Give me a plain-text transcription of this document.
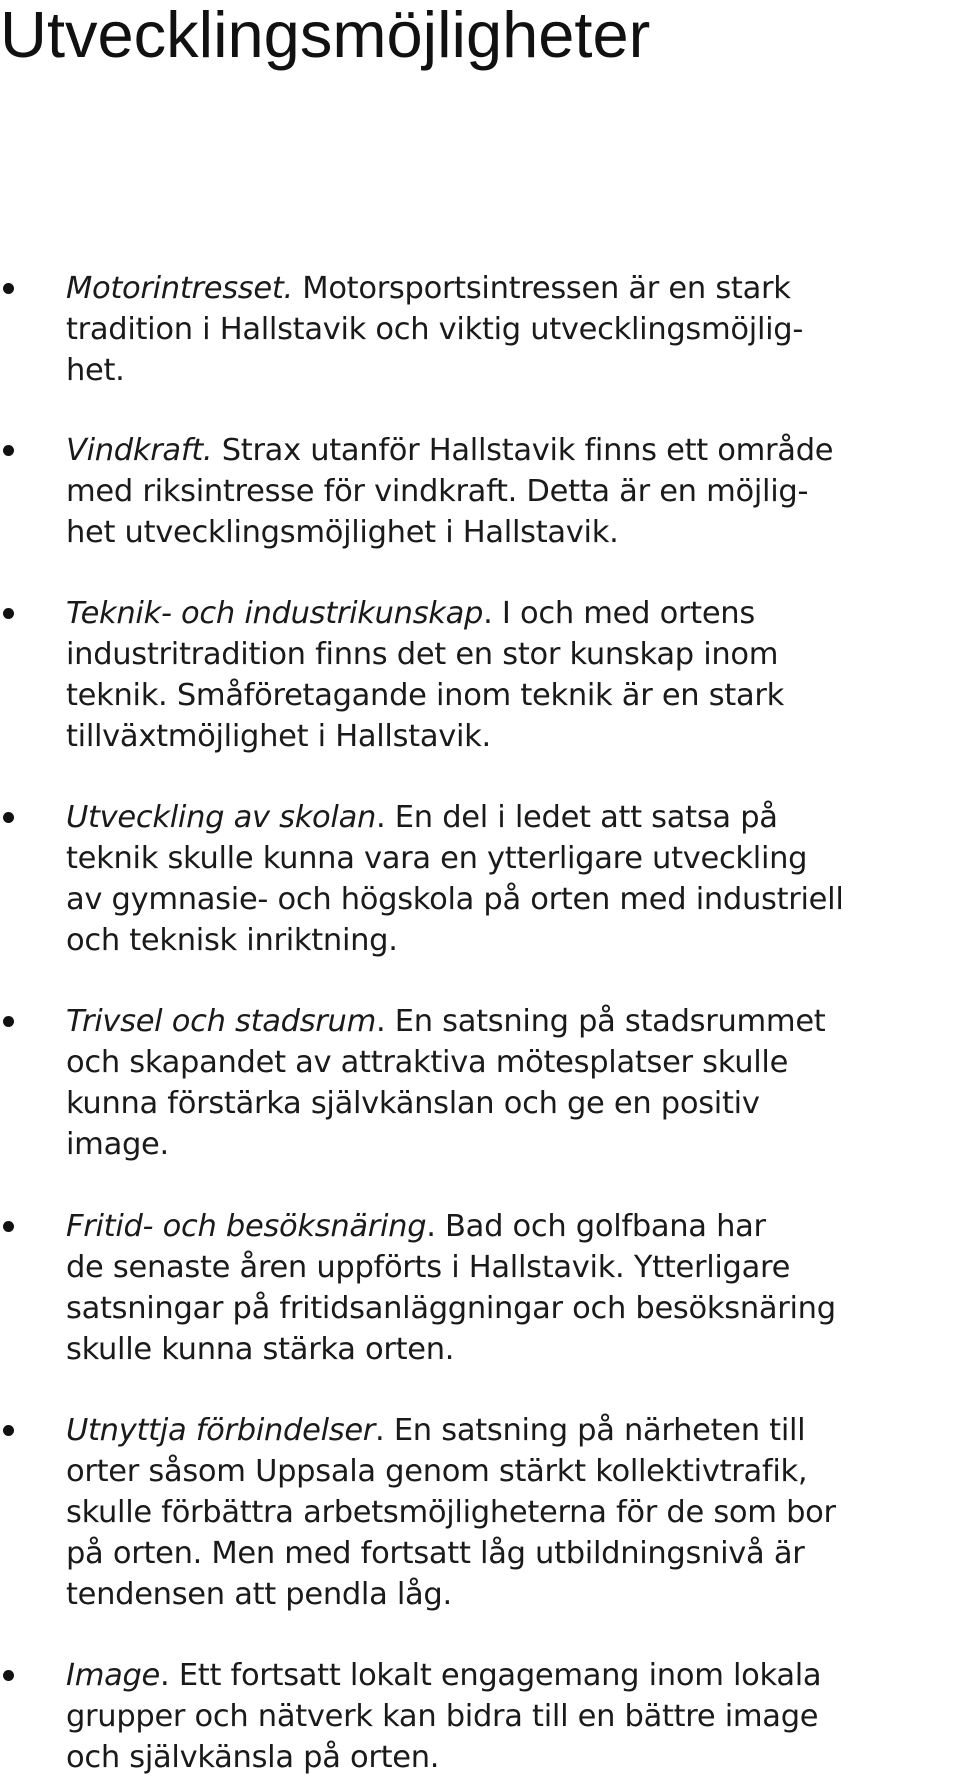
Utvecklingsmöjligheter

Motorintresset. Motorsportsintressen är en stark
tradition i Hallstavik och viktig utvecklingsmöjlig-
het.

Vindkraft. Strax utanför Hallstavik finns ett område
med riksintresse för vindkraft. Detta är en möjlig-
het utvecklingsmöjlighet i Hallstavik.

Teknik- och industrikunskap. I och med ortens
industritradition finns det en stor kunskap inom
teknik. Småföretagande inom teknik är en stark
tillväxtmöjlighet i Hallstavik.

Utveckling av skolan. En del i ledet att satsa på
teknik skulle kunna vara en ytterligare utveckling
av gymnasie- och högskola på orten med industriell
och teknisk inriktning.

Trivsel och stadsrum. En satsning på stadsrummet
och skapandet av attraktiva mötesplatser skulle
kunna förstärka självkänslan och ge en positiv
image.

Fritid- och besöksnäring. Bad och golfbana har
de senaste åren uppförts i Hallstavik. Ytterligare
satsningar på fritidsanläggningar och besöksnäring
skulle kunna stärka orten.

Utnyttja förbindelser. En satsning på närheten till
orter såsom Uppsala genom stärkt kollektivtrafik,
skulle förbättra arbetsmöjligheterna för de som bor
på orten. Men med fortsatt låg utbildningsnivå är
tendensen att pendla låg.

Image. Ett fortsatt lokalt engagemang inom lokala
grupper och nätverk kan bidra till en bättre image
och självkänsla på orten.
